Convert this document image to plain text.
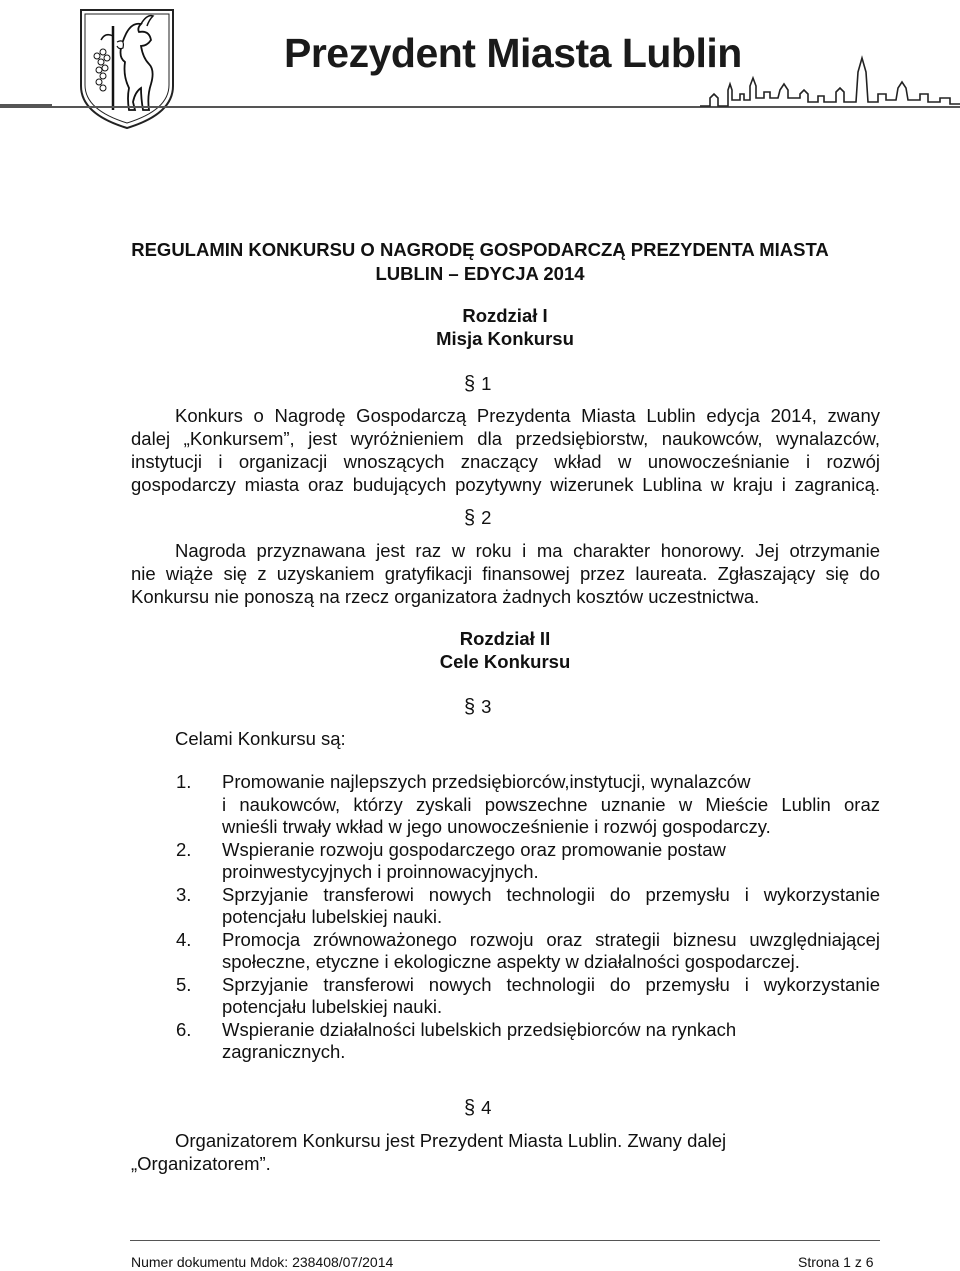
Prezydent Miasta Lublin
REGULAMIN KONKURSU O NAGRODĘ GOSPODARCZĄ PREZYDENTA MIASTA
LUBLIN – EDYCJA 2014
Rozdział I
Misja Konkursu
§ 1
Konkurs o Nagrodę Gospodarczą Prezydenta Miasta Lublin edycja 2014, zwany
dalej „Konkursem”, jest wyróżnieniem dla przedsiębiorstw, naukowców, wynalazców,
instytucji i organizacji wnoszących znaczący wkład w unowocześnianie i rozwój
gospodarczy miasta oraz budujących pozytywny wizerunek Lublina w kraju i zagranicą.
§ 2
Nagroda przyznawana jest raz w roku i ma charakter honorowy. Jej otrzymanie
nie wiąże się z uzyskaniem gratyfikacji finansowej przez laureata. Zgłaszający się do
Konkursu nie ponoszą na rzecz organizatora żadnych kosztów uczestnictwa.
Rozdział II
Cele Konkursu
§ 3
Celami Konkursu są:
1. Promowanie najlepszych przedsiębiorców,instytucji, wynalazców
i naukowców, którzy zyskali powszechne uznanie w Mieście Lublin oraz
wnieśli trwały wkład w jego unowocześnienie i rozwój gospodarczy.
2. Wspieranie rozwoju gospodarczego oraz promowanie postaw
proinwestycyjnych i proinnowacyjnych.
3. Sprzyjanie transferowi nowych technologii do przemysłu i wykorzystanie
potencjału lubelskiej nauki.
4. Promocja zrównoważonego rozwoju oraz strategii biznesu uwzględniającej
społeczne, etyczne i ekologiczne aspekty w działalności gospodarczej.
5. Sprzyjanie transferowi nowych technologii do przemysłu i wykorzystanie
potencjału lubelskiej nauki.
6. Wspieranie działalności lubelskich przedsiębiorców na rynkach
zagranicznych.
§ 4
Organizatorem Konkursu jest Prezydent Miasta Lublin. Zwany dalej
„Organizatorem”.
Numer dokumentu Mdok: 238408/07/2014	Strona 1 z 6
